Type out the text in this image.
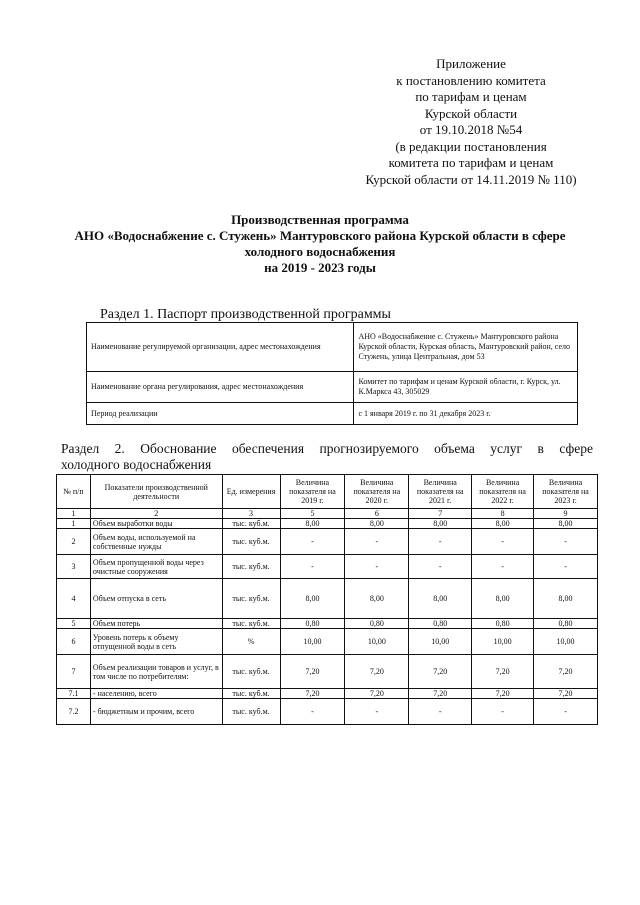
Приложение
к постановлению комитета
по тарифам и ценам
Курской области
от 19.10.2018 №54
(в редакции постановления
комитета по тарифам и ценам
Курской области от 14.11.2019 № 110)
Производственная программа
АНО «Водоснабжение с. Стужень» Мантуровского района Курской области в сфере
холодного водоснабжения
на 2019 - 2023 годы
Раздел 1. Паспорт производственной программы
Наименование регулируемой организации, адрес местонахождения	АНО «Водоснабжение с. Стужень» Мантуровского района Курской области, Курская область, Мантуровский район, село Стужень, улица Центральная, дом 53
Наименование органа регулирования, адрес местонахождения	Комитет по тарифам и ценам Курской области, г. Курск, ул. К.Маркса 43, 305029
Период реализации	с 1 января 2019 г. по 31 декабря 2023 г.
Раздел 2. Обоснование обеспечения прогнозируемого объема услуг в сфере
холодного водоснабжения
№ п/п	Показатели производственной деятельности	Ед. измерения	Величина показателя на 2019 г.	Величина показателя на 2020 г.	Величина показателя на 2021 г.	Величина показателя на 2022 г.	Величина показателя на 2023 г.
1	2	3	5	6	7	8	9
1	Объем выработки воды	тыс. куб.м.	8,00	8,00	8,00	8,00	8,00
2	Объем воды, используемой на собственные нужды	тыс. куб.м.	-	-	-	-	-
3	Объем пропущенной воды через очистные сооружения	тыс. куб.м.	-	-	-	-	-
4	Объем отпуска в сеть	тыс. куб.м.	8,00	8,00	8,00	8,00	8,00
5	Объем потерь	тыс. куб.м.	0,80	0,80	0,80	0,80	0,80
6	Уровень потерь к объему отпущенной воды в сеть	%	10,00	10,00	10,00	10,00	10,00
7	Объем реализации товаров и услуг, в том числе по потребителям:	тыс. куб.м.	7,20	7,20	7,20	7,20	7,20
7.1	- населению, всего	тыс. куб.м.	7,20	7,20	7,20	7,20	7,20
7.2	- бюджетным и прочим, всего	тыс. куб.м.	-	-	-	-	-
